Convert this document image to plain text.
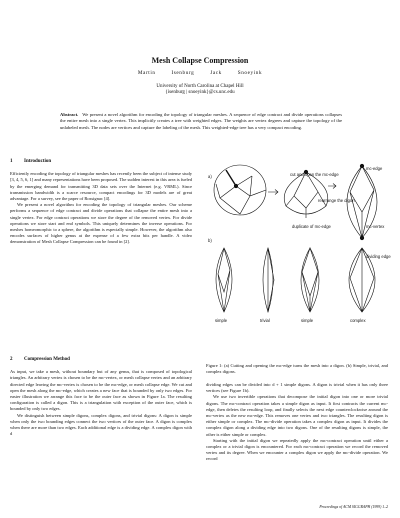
Mesh Collapse Compression
Martin Isenburg	Jack Snoeyink
University of North Carolina at Chapel Hill
{isenburg | snoeyink}@cs.unc.edu
Abstract. We present a novel algorithm for encoding the topology of triangular meshes. A sequence of edge contract and divide operations collapses the entire mesh into a single vertex. This implicitly creates a tree with weighted edges. The weights are vertex degrees and capture the topology of the unlabeled mesh. The nodes are vertices and capture the labeling of the mesh. This weighted-edge tree has a very compact encoding.
1 Introduction

Efficiently encoding the topology of triangular meshes has recently been the subject of intense study [3, 4, 5, 6, 1] and many representations have been proposed. The sudden interest in this area is fueled by the emerging demand for transmitting 3D data sets over the Internet (e.g. VRML). Since transmission bandwidth is a scarce resource, compact encodings for 3D models are of great advantage. For a survey, see the paper of Rossignac [4].

We present a novel algorithm for encoding the topology of triangular meshes. Our scheme performs a sequence of edge contract and divide operations that collapse the entire mesh into a single vertex. For edge contract operations we store the degree of the removed vertex. For divide operations we store start and end symbols. This uniquely determines the inverse operations. For meshes homeomorphic to a sphere, the algorithm is especially simple. However, the algorithm also encodes surfaces of higher genus at the expense of a few extra bits per handle. A video demonstration of Mesh Collapse Compression can be found in [2].

2 Compression Method

As input, we take a mesh, without boundary but of any genus, that is composed of topological triangles. An arbitrary vertex is chosen to be the mc-vertex, or mesh collapse vertex and an arbitrary directed edge leaving the mc-vertex is chosen to be the mc-edge, or mesh collapse edge. We cut and open the mesh along the mc-edge, which creates a new face that is bounded by only two edges. For easier illustration we arrange this face to be the outer face as shown in Figure 1a. The resulting configuration is called a digon. This is a triangulation with exception of the outer face, which is bounded by only two edges.

We distinguish between simple digons, complex digons, and trivial digons: A digon is simple when only the two bounding edges connect the two vertices of the outer face. A digon is complex when there are more than two edges. Each additional edge is a dividing edge. A complex digon with d

a)
b)
mc-edge
cut and open the mc-edge
rearrange the digon
duplicate of mc-edge	mc-vertex
dividing edge
simple	trivial	simple	complex
Figure 1: (a) Cutting and opening the mc-edge turns the mesh into a digon. (b) Simple, trivial, and complex digons.

dividing edges can be divided into d + 1 simple digons. A digon is trivial when it has only three vertices (see Figure 1b).

We use two invertible operations that decompose the initial digon into one or more trivial digons. The mc-contract operation takes a simple digon as input. It first contracts the current mc-edge, then deletes the resulting loop, and finally selects the next edge counterclockwise around the mc-vertex as the new mc-edge. This removes one vertex and two triangles. The resulting digon is either simple or complex. The mc-divide operation takes a complex digon as input. It divides the complex digon along a dividing edge into two digons. One of the resulting digons is simple, the other is either simple or complex.

Starting with the initial digon we repeatedly apply the mc-contract operation until either a complex or a trivial digon is encountered. For each mc-contract operation we record the removed vertex and its degree. When we encounter a complex digon we apply the mc-divide operation. We record

Proceedings of ACM SIGGRAPH (1999) 1–2
